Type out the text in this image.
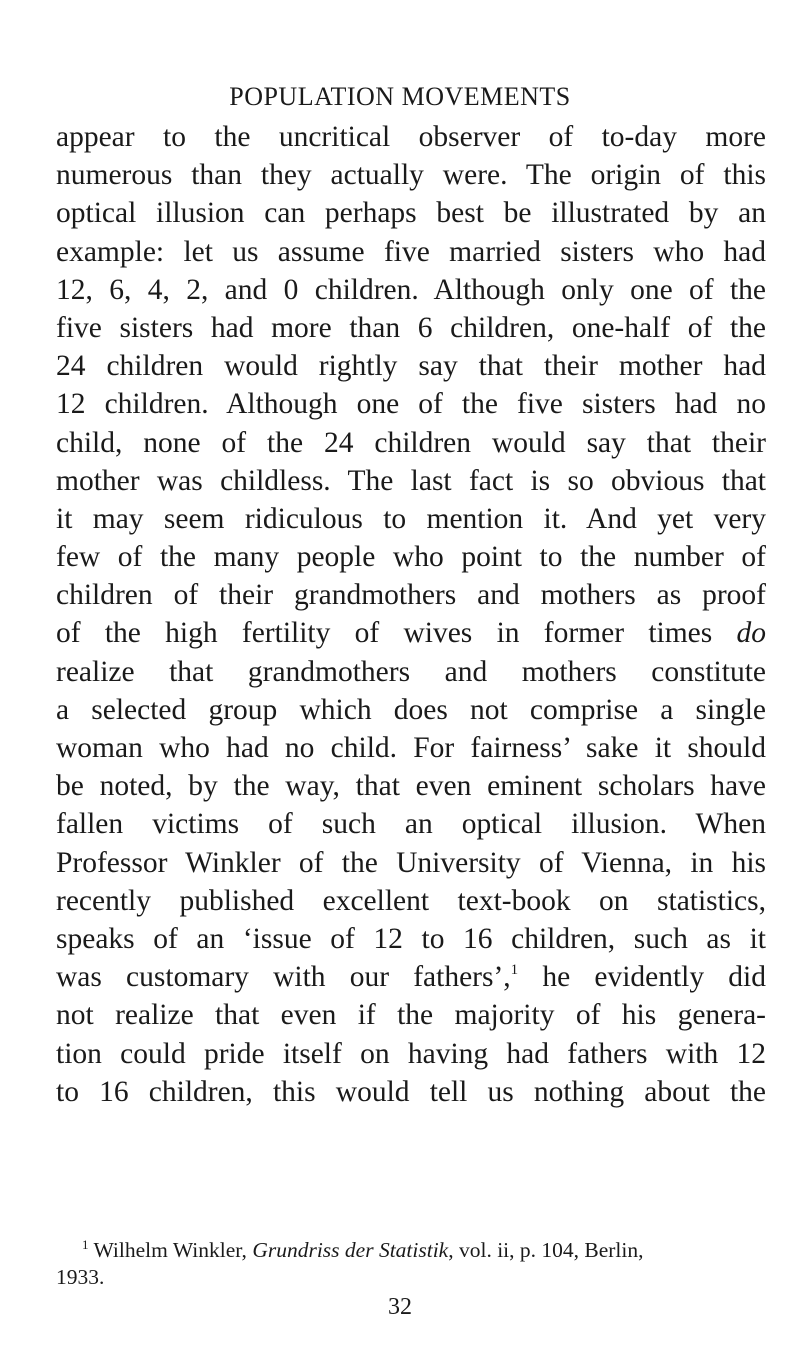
POPULATION MOVEMENTS
appear to the uncritical observer of to-day more
numerous than they actually were. The origin of this
optical illusion can perhaps best be illustrated by an
example: let us assume five married sisters who had
12, 6, 4, 2, and 0 children. Although only one of the
five sisters had more than 6 children, one-half of the
24 children would rightly say that their mother had
12 children. Although one of the five sisters had no
child, none of the 24 children would say that their
mother was childless. The last fact is so obvious that
it may seem ridiculous to mention it. And yet very
few of the many people who point to the number of
children of their grandmothers and mothers as proof
of the high fertility of wives in former times do
realize that grandmothers and mothers constitute
a selected group which does not comprise a single
woman who had no child. For fairness’ sake it should
be noted, by the way, that even eminent scholars have
fallen victims of such an optical illusion. When
Professor Winkler of the University of Vienna, in his
recently published excellent text-book on statistics,
speaks of an ‘issue of 12 to 16 children, such as it
was customary with our fathers’,$^1$ he evidently did
not realize that even if the majority of his genera-
tion could pride itself on having had fathers with 12
to 16 children, this would tell us nothing about the
$^1$ Wilhelm Winkler, Grundriss der Statistik, vol. ii, p. 104, Berlin,
1933.
32
